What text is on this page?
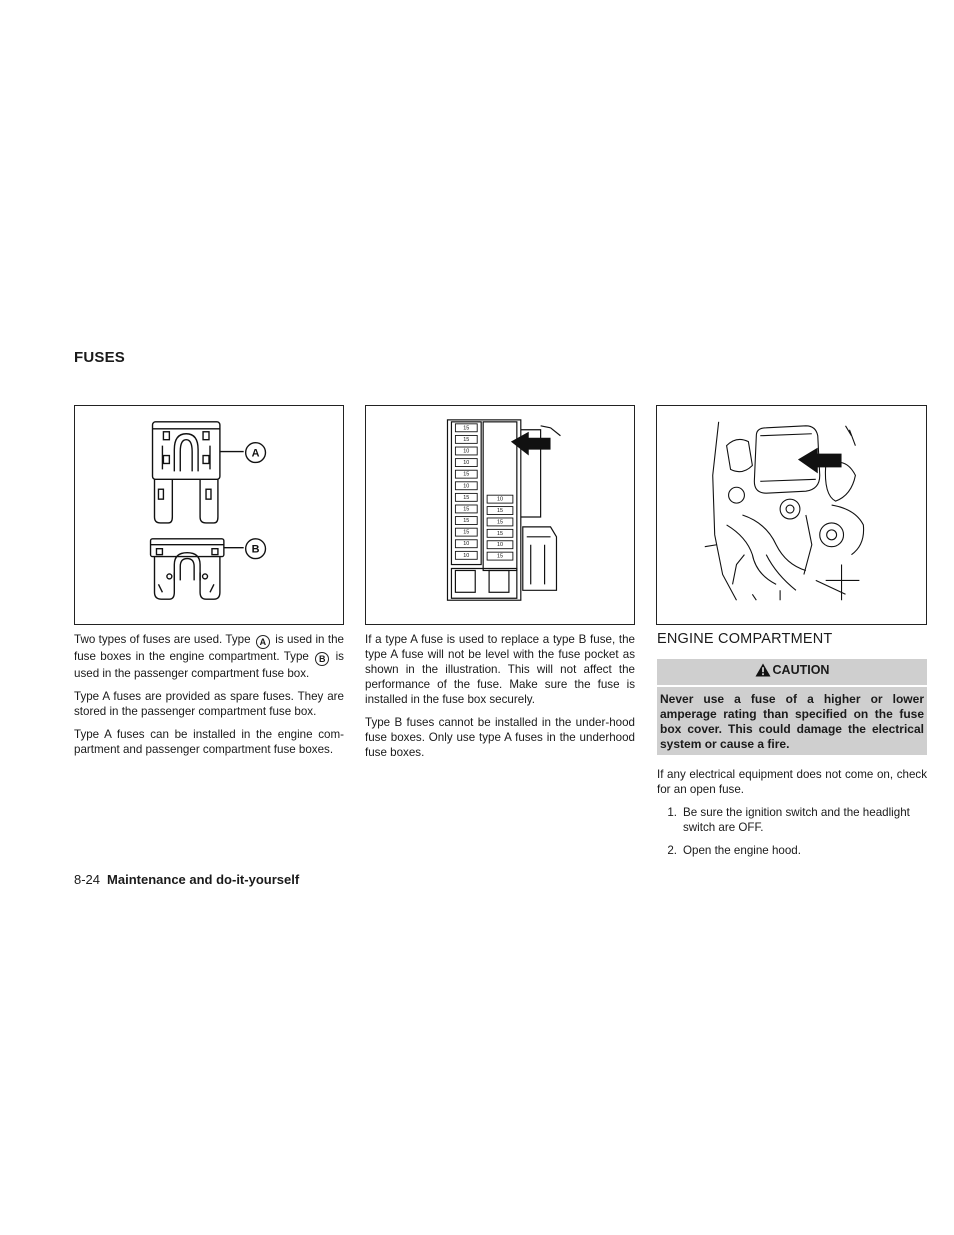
FUSES
A
B
15
15
10
10
15
10
15
15
15
15
10
10
10
15
15
15
10
15

Two types of fuses are used. Type A is used in the fuse boxes in the engine compartment. Type B is used in the passenger compartment fuse box.

Type A fuses are provided as spare fuses. They are stored in the passenger compartment fuse box.

Type A fuses can be installed in the engine com-partment and passenger compartment fuse boxes.

If a type A fuse is used to replace a type B fuse, the type A fuse will not be level with the fuse pocket as shown in the illustration. This will not affect the performance of the fuse. Make sure the fuse is installed in the fuse box securely.

Type B fuses cannot be installed in the under-hood fuse boxes. Only use type A fuses in the underhood fuse boxes.

ENGINE COMPARTMENT
CAUTION
Never use a fuse of a higher or lower amperage rating than specified on the fuse box cover. This could damage the electrical system or cause a fire.

If any electrical equipment does not come on, check for an open fuse.

1. Be sure the ignition switch and the headlight switch are OFF.
2. Open the engine hood.
8-24 Maintenance and do-it-yourself
